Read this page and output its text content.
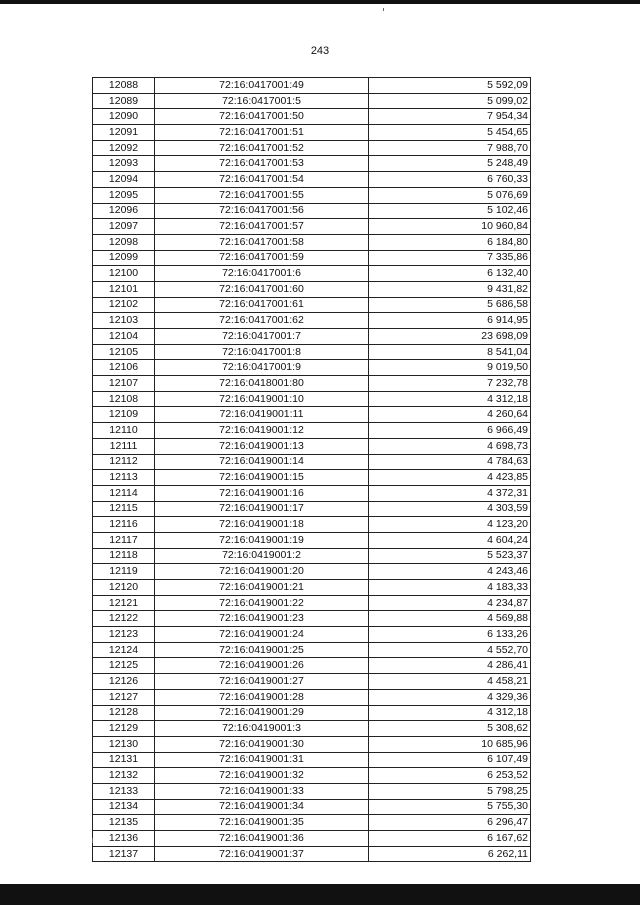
243
12088	72:16:0417001:49	5 592,09
12089	72:16:0417001:5	5 099,02
12090	72:16:0417001:50	7 954,34
12091	72:16:0417001:51	5 454,65
12092	72:16:0417001:52	7 988,70
12093	72:16:0417001:53	5 248,49
12094	72:16:0417001:54	6 760,33
12095	72:16:0417001:55	5 076,69
12096	72:16:0417001:56	5 102,46
12097	72:16:0417001:57	10 960,84
12098	72:16:0417001:58	6 184,80
12099	72:16:0417001:59	7 335,86
12100	72:16:0417001:6	6 132,40
12101	72:16:0417001:60	9 431,82
12102	72:16:0417001:61	5 686,58
12103	72:16:0417001:62	6 914,95
12104	72:16:0417001:7	23 698,09
12105	72:16:0417001:8	8 541,04
12106	72:16:0417001:9	9 019,50
12107	72:16:0418001:80	7 232,78
12108	72:16:0419001:10	4 312,18
12109	72:16:0419001:11	4 260,64
12110	72:16:0419001:12	6 966,49
12111	72:16:0419001:13	4 698,73
12112	72:16:0419001:14	4 784,63
12113	72:16:0419001:15	4 423,85
12114	72:16:0419001:16	4 372,31
12115	72:16:0419001:17	4 303,59
12116	72:16:0419001:18	4 123,20
12117	72:16:0419001:19	4 604,24
12118	72:16:0419001:2	5 523,37
12119	72:16:0419001:20	4 243,46
12120	72:16:0419001:21	4 183,33
12121	72:16:0419001:22	4 234,87
12122	72:16:0419001:23	4 569,88
12123	72:16:0419001:24	6 133,26
12124	72:16:0419001:25	4 552,70
12125	72:16:0419001:26	4 286,41
12126	72:16:0419001:27	4 458,21
12127	72:16:0419001:28	4 329,36
12128	72:16:0419001:29	4 312,18
12129	72:16:0419001:3	5 308,62
12130	72:16:0419001:30	10 685,96
12131	72:16:0419001:31	6 107,49
12132	72:16:0419001:32	6 253,52
12133	72:16:0419001:33	5 798,25
12134	72:16:0419001:34	5 755,30
12135	72:16:0419001:35	6 296,47
12136	72:16:0419001:36	6 167,62
12137	72:16:0419001:37	6 262,11
